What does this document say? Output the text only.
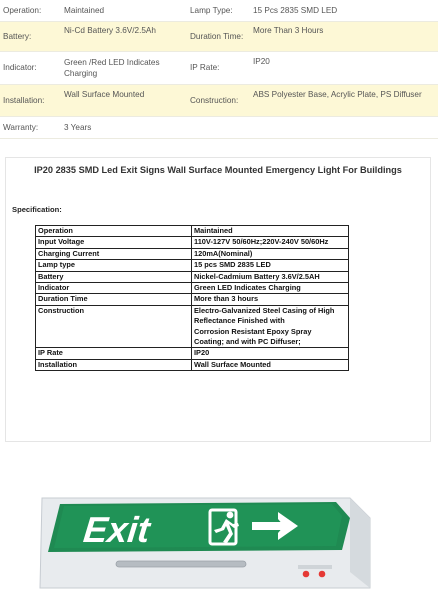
Operation:	Maintained	Lamp Type:	15 Pcs 2835 SMD LED
Battery:	Ni-Cd Battery 3.6V/2.5Ah	Duration Time:	More Than 3 Hours
Indicator:	Green /Red LED Indicates Charging	IP Rate:	IP20
Installation:	Wall Surface Mounted	Construction:	ABS Polyester Base, Acrylic Plate, PS Diffuser
Warranty:	3 Years		
IP20 2835 SMD Led Exit Signs Wall Surface Mounted Emergency Light For Buildings
Specification:
Operation	Maintained
Input Voltage	110V-127V 50/60Hz;220V-240V 50/60Hz
Charging Current	120mA(Nominal)
Lamp type	15 pcs SMD 2835 LED
Battery	Nickel-Cadmium Battery 3.6V/2.5AH
Indicator	Green LED Indicates Charging
Duration Time	More than 3 hours
Construction	Electro-Galvanized Steel Casing of High
Reflectance Finished with
Corrosion Resistant Epoxy Spray
Coating; and with PC Diffuser;
IP Rate	IP20
Installation	Wall Surface Mounted
Exit
